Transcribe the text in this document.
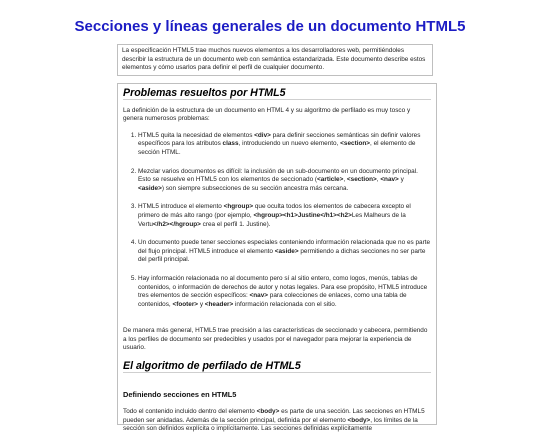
Secciones y líneas generales de un documento HTML5
La especificación HTML5 trae muchos nuevos elementos a los desarrolladores web, permitiéndoles describir la estructura de un documento web con semántica estandarizada. Este documento describe estos elementos y cómo usarlos para definir el perfil de cualquier documento.
Problemas resueltos por HTML5

La definición de la estructura de un documento en HTML 4 y su algoritmo de perfilado es muy tosco y genera numerosos problemas:

1. HTML5 quita la necesidad de elementos <div> para definir secciones semánticas sin definir valores específicos para los atributos class, introduciendo un nuevo elemento, <section>, el elemento de sección HTML.
2. Mezclar varios documentos es difícil: la inclusión de un sub-documento en un documento principal. Esto se resuelve en HTML5 con los elementos de seccionado (<article>, <section>, <nav> y <aside>) son siempre subsecciones de su sección ancestra más cercana.
3. HTML5 introduce el elemento <hgroup> que oculta todos los elementos de cabecera excepto el primero de más alto rango (por ejemplo, <hgroup><h1>Justine</h1><h2>Les Malheurs de la Vertu</h2></hgroup> crea el perfil 1. Justine).
4. Un documento puede tener secciones especiales conteniendo información relacionada que no es parte del flujo principal. HTML5 introduce el elemento <aside> permitiendo a dichas secciones no ser parte del perfil principal.
5. Hay información relacionada no al documento pero sí al sitio entero, como logos, menús, tablas de contenidos, o información de derechos de autor y notas legales. Para ese propósito, HTML5 introduce tres elementos de sección específicos: <nav> para colecciones de enlaces, como una tabla de contenidos, <footer> y <header> información relacionada con el sitio.

De manera más general, HTML5 trae precisión a las características de seccionado y cabecera, permitiendo a los perfiles de documento ser predecibles y usados por el navegador para mejorar la experiencia de usuario.

El algoritmo de perfilado de HTML5
Definiendo secciones en HTML5

Todo el contenido incluido dentro del elemento <body> es parte de una sección. Las secciones en HTML5 pueden ser anidadas. Además de la sección principal, definida por el elemento <body>, los límites de la sección son definidos explícita o implícitamente. Las secciones definidas explícitamente
